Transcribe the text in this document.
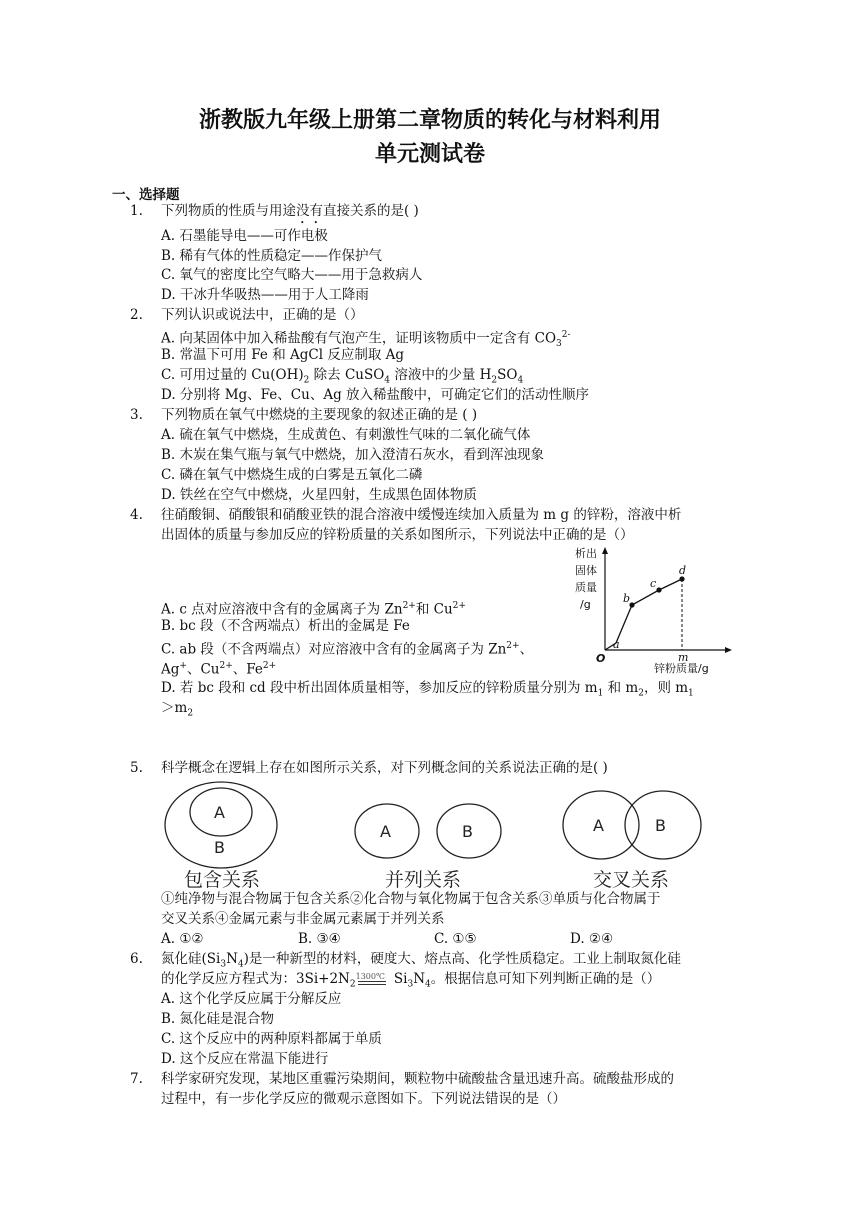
浙教版九年级上册第二章物质的转化与材料利用
单元测试卷
一、选择题
1. 下列物质的性质与用途没有直接关系的是( )
A. 石墨能导电——可作电极
B. 稀有气体的性质稳定——作保护气
C. 氧气的密度比空气略大——用于急救病人
D. 干冰升华吸热——用于人工降雨
2. 下列认识或说法中，正确的是（）
A. 向某固体中加入稀盐酸有气泡产生，证明该物质中一定含有 $CO_3^{2-}$
B. 常温下可用 Fe 和 AgCl 反应制取 Ag
C. 可用过量的 $Cu(OH)_2$ 除去 CuSO$_4$ 溶液中的少量 $H_2SO_4$
D. 分别将 Mg、Fe、Cu、Ag 放入稀盐酸中，可确定它们的活动性顺序
3. 下列物质在氧气中燃烧的主要现象的叙述正确的是 ( )
A. 硫在氧气中燃烧，生成黄色、有刺激性气味的二氧化硫气体
B. 木炭在集气瓶与氧气中燃烧，加入澄清石灰水，看到浑浊现象
C. 磷在氧气中燃烧生成的白雾是五氧化二磷
D. 铁丝在空气中燃烧，火星四射，生成黑色固体物质
4. 往硝酸铜、硝酸银和硝酸亚铁的混合溶液中缓慢连续加入质量为 m g 的锌粉，溶液中析
出固体的质量与参加反应的锌粉质量的关系如图所示，下列说法中正确的是（）
析出
固体
质量
/g
锌粉质量/g
O
a
b
c
d
m
A. c 点对应溶液中含有的金属离子为 $Zn^{2+}$和 $Cu^{2+}$
B. bc 段（不含两端点）析出的金属是 Fe
C. ab 段（不含两端点）对应溶液中含有的金属离子为 $Zn^{2+}$、
Ag+、$Cu^{2+}$、$Fe^{2+}$
D. 若 bc 段和 cd 段中析出固体质量相等，参加反应的锌粉质量分别为 $m_1$ 和 $m_2$，则 $m_1$
$>m_2$
5. 科学概念在逻辑上存在如图所示关系，对下列概念间的关系说法正确的是( )
A
B
A	B	A	B
包含关系	并列关系	交叉关系
①纯净物与混合物属于包含关系②化合物与氧化物属于包含关系③单质与化合物属于
交叉关系④金属元素与非金属元素属于并列关系
A. ①②	B. ③④	C. ①⑤	D. ②④
6. 氮化硅$(Si_3N_4)$是一种新型的材料，硬度大、熔点高、化学性质稳定。工业上制取氮化硅
的化学反应方程式为：$3Si+2N_2$
1300℃ $Si_3N_4$。根据信息可知下列判断正确的是（）
A. 这个化学反应属于分解反应
B. 氮化硅是混合物
C. 这个反应中的两种原料都属于单质
D. 这个反应在常温下能进行
7. 科学家研究发现，某地区重霾污染期间，颗粒物中硫酸盐含量迅速升高。硫酸盐形成的
过程中，有一步化学反应的微观示意图如下。下列说法错误的是（）
